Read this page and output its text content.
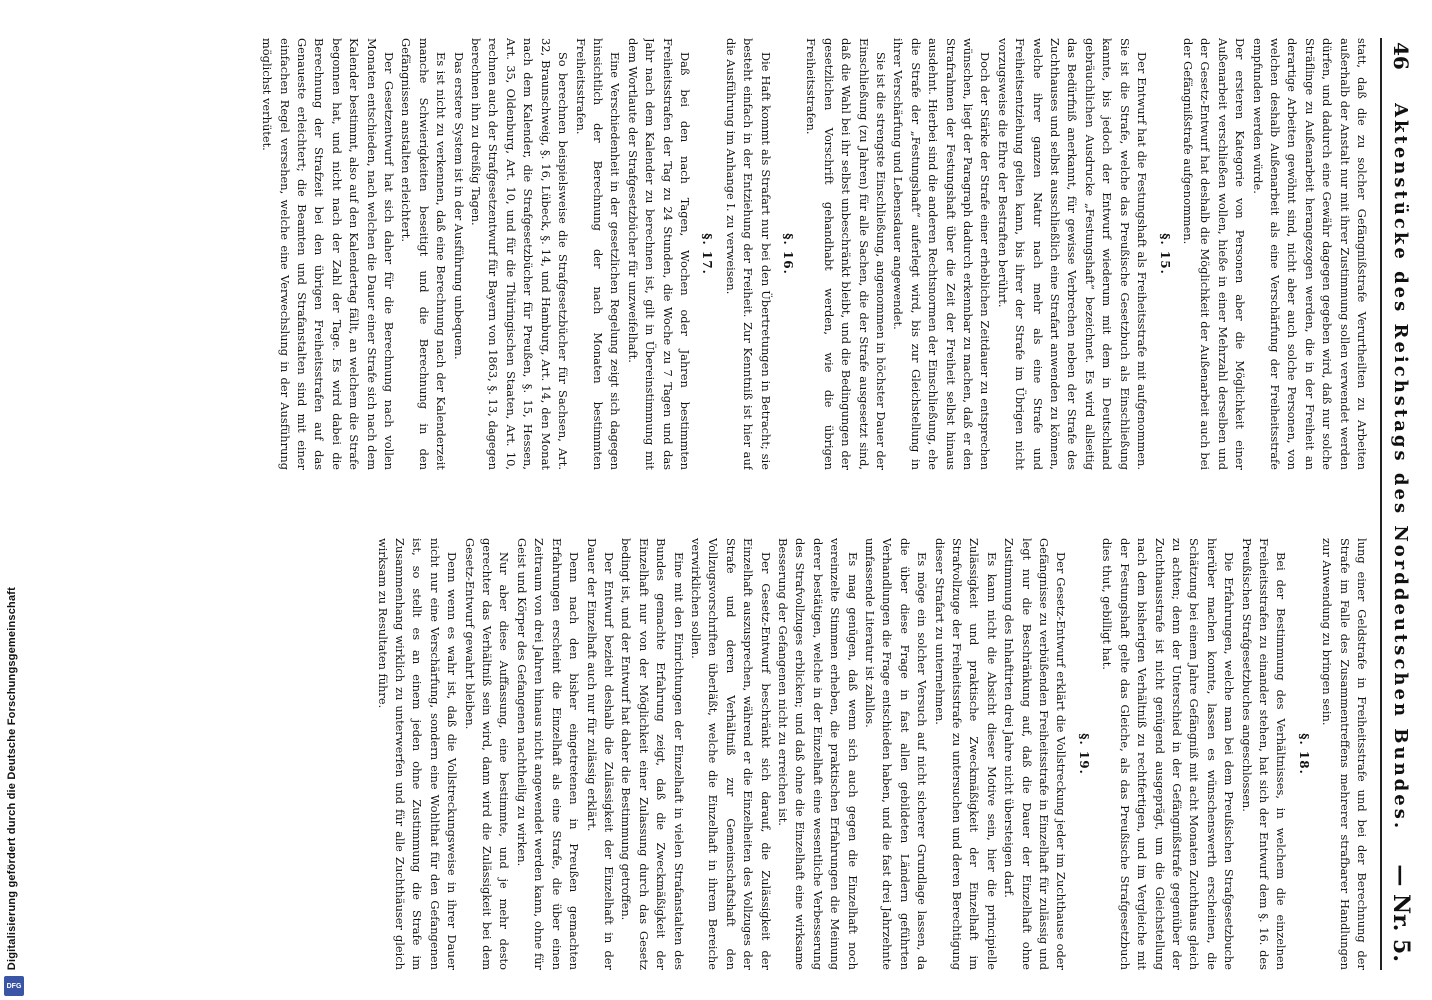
46
Aktenstücke des Reichstags des Norddeutschen Bundes.
— Nr. 5.

statt, daß die zu solcher Gefängnißstrafe Verurtheilten zu Arbeiten außerhalb der Anstalt nur mit ihrer Zustimmung sollen verwendet werden dürfen, und dadurch eine Gewähr dagegen gegeben wird, daß nur solche Sträflinge zu Außenarbeit herangezogen werden, die in der Freiheit an derartige Arbeiten gewöhnt sind, nicht aber auch solche Personen, von welchen deshalb Außenarbeit als eine Verschärfung der Freiheitsstrafe empfunden werden würde.

Der ersteren Kategorie von Personen aber die Möglichkeit einer Außenarbeit verschließen wollen, hieße in einer Mehrzahl derselben und der Gesetz-Entwurf hat deshalb die Möglichkeit der Außenarbeit auch bei der Gefängnißstrafe aufgenommen.

§. 15.

Der Entwurf hat die Festungshaft als Freiheitsstrafe mit aufgenommen. Sie ist die Strafe, welche das Preußische Gesetzbuch als Einschließung kannte, bis jedoch der Entwurf wiederum mit dem in Deutschland gebräuchlichen Ausdrucke „Festungshaft“ bezeichnet. Es wird allseitig das Bedürfniß anerkannt, für gewisse Verbrechen neben der Strafe des Zuchthauses und selbst ausschließlich eine Strafart anwenden zu können, welche ihrer ganzen Natur nach mehr als eine Strafe und Freiheitsentziehung gelten kann, bis ihrer der Strafe im Übrigen nicht vorzugsweise die Ehre der Bestraften berührt.

Doch der Stärke der Strafe einer erheblichen Zeitdauer zu entsprechen wünschen, liegt der Paragraph dadurch erkennbar zu machen, daß er den Strafrahmen der Festungshaft über die Zeit der Freiheit selbst hinaus ausdehnt. Hierbei sind die anderen Rechtsnormen der Einschließung, ehe die Strafe der „Festungshaft“ auferlegt wird, bis zur Gleichstellung in ihrer Verschärfung und Lebensdauer angewendet.

Sie ist die strengste Einschließung, angenommen in höchster Dauer der Einschließung (zu Jahren) für alle Sachen, die der Strafe ausgesetzt sind, daß die Wahl bei ihr selbst unbeschränkt bleibt, und die Bedingungen der gesetzlichen Vorschrift gehandhabt werden, wie die übrigen Freiheitsstrafen.

§. 16.

Die Haft kommt als Strafart nur bei den Übertretungen in Betracht; sie besteht einfach in der Entziehung der Freiheit. Zur Kenntniß ist hier auf die Ausführung im Anhange I. zu verweisen.

§. 17.

Daß bei den nach Tagen, Wochen oder Jahren bestimmten Freiheitsstrafen der Tag zu 24 Stunden, die Woche zu 7 Tagen und das Jahr nach dem Kalender zu berechnen ist, gilt in Übereinstimmung mit dem Wortlaute der Strafgesetzbücher für unzweifelhaft.

Eine Verschiedenheit in der gesetzlichen Regelung zeigt sich dagegen hinsichtlich der Berechnung der nach Monaten bestimmten Freiheitsstrafen.

So berechnen beispielsweise die Strafgesetzbücher für Sachsen, Art. 32, Braunschweig, §. 16, Lübeck, §. 14, und Hamburg, Art. 14, den Monat nach dem Kalender, die Strafgesetzbücher für Preußen, §. 15, Hessen, Art. 35, Oldenburg, Art. 10, und für die Thüringischen Staaten, Art. 10, rechnen auch der Strafgesetzentwurf für Bayern von 1863, §. 13, dagegen berechnen ihn zu dreißig Tagen.

Das erstere System ist in der Ausführung unbequem.

Es ist nicht zu verkennen, daß eine Berechnung nach der Kalenderzeit manche Schwierigkeiten beseitigt und die Berechnung in den Gefängnissen anstalten erleichtert.

Der Gesetzentwurf hat sich daher für die Berechnung nach vollen Monaten entschieden, nach welchen die Dauer einer Strafe sich nach dem Kalender bestimmt, also auf den Kalendertag fällt, an welchem die Strafe begonnen hat, und nicht nach der Zahl der Tage. Es wird dabei die Berechnung der Strafzeit bei den übrigen Freiheitsstrafen auf das Genaueste erleichtert; die Beamten und Strafanstalten sind mit einer einfachen Regel versehen, welche eine Verwechslung in der Ausführung möglichst verhütet.

lung einer Geldstrafe in Freiheitsstrafe und bei der Berechnung der Strafe im Falle des Zusammentreffens mehrerer strafbarer Handlungen zur Anwendung zu bringen sein.

§. 18.

Bei der Bestimmung des Verhältnisses, in welchem die einzelnen Freiheitsstrafen zu einander stehen, hat sich der Entwurf dem §. 16. des Preußischen Strafgesetzbuches angeschlossen.

Die Erfahrungen, welche man bei dem Preußischen Strafgesetzbuche hierüber machen konnte, lassen es wünschenswerth erscheinen, die Schätzung bei einem Jahre Gefängniß mit acht Monaten Zuchthaus gleich zu achten; denn der Unterschied in der Gefängnißstrafe gegenüber der Zuchthausstrafe ist nicht genügend ausgeprägt, um die Gleichstellung nach dem bisherigen Verhältniß zu rechtfertigen, und im Vergleiche mit der Festungshaft gelte das Gleiche, als das Preußische Strafgesetzbuch dies thut, gebilligt hat.

§. 19.

Der Gesetz-Entwurf erklärt die Vollstreckung jeder im Zuchthause oder Gefängnisse zu verbüßenden Freiheitsstrafe in Einzelhaft für zulässig und legt nur die Beschränkung auf, daß die Dauer der Einzelhaft ohne Zustimmung des Inhaftirten drei Jahre nicht übersteigen darf.

Es kann nicht die Absicht dieser Motive sein, hier die principielle Zulässigkeit und praktische Zweckmäßigkeit der Einzelhaft im Strafvollzuge der Freiheitsstrafe zu untersuchen und deren Berechtigung dieser Strafart zu unternehmen.

Es möge ein solcher Versuch auf nicht sicherer Grundlage lassen, da die über diese Frage in fast allen gebildeten Ländern geführten Verhandlungen die Frage entschieden haben, und die fast drei Jahrzehnte umfassende Literatur ist zahllos.

Es mag genügen, daß wenn sich auch gegen die Einzelhaft noch vereinzelte Stimmen erheben, die praktischen Erfahrungen die Meinung derer bestätigen, welche in der Einzelhaft eine wesentliche Verbesserung des Strafvollzuges erblicken; und daß ohne die Einzelhaft eine wirksame Besserung der Gefangenen nicht zu erreichen ist.

Der Gesetz-Entwurf beschränkt sich darauf, die Zulässigkeit der Einzelhaft auszusprechen, während er die Einzelheiten des Vollzuges der Strafe und deren Verhältniß zur Gemeinschaftshaft den Vollzugsvorschriften überläßt, welche die Einzelhaft in ihrem Bereiche verwirklichen sollen.

Eine mit den Einrichtungen der Einzelhaft in vielen Strafanstalten des Bundes gemachte Erfahrung zeigt, daß die Zweckmäßigkeit der Einzelhaft nur von der Möglichkeit einer Zulassung durch das Gesetz bedingt ist, und der Entwurf hat daher die Bestimmung getroffen.

Der Entwurf bezieht deshalb die Zulässigkeit der Einzelhaft in der Dauer der Einzelhaft auch nur für zulässig erklärt.

Denn nach den bisher eingetretenen in Preußen gemachten Erfahrungen erscheint die Einzelhaft als eine Strafe, die über einen Zeitraum von drei Jahren hinaus nicht angewendet werden kann, ohne für Geist und Körper des Gefangenen nachtheilig zu wirken.

Nur aber diese Auffassung, eine bestimmte, und je mehr desto gerechter das Verhältniß sein wird, dann wird die Zulässigkeit bei dem Gesetz-Entwurf gewahrt bleiben.

Denn wenn es wahr ist, daß die Vollstreckungsweise in ihrer Dauer nicht nur eine Verschärfung, sondern eine Wohlthat für den Gefangenen ist, so stellt es an einem jeden ohne Zustimmung die Strafe im Zusammenhang wirklich zu unterwerfen und für alle Zuchthäuser gleich wirksam zu Resultaten führe.

Digitalisierung gefördert durch die Deutsche Forschungsgemeinschaft
DFG
